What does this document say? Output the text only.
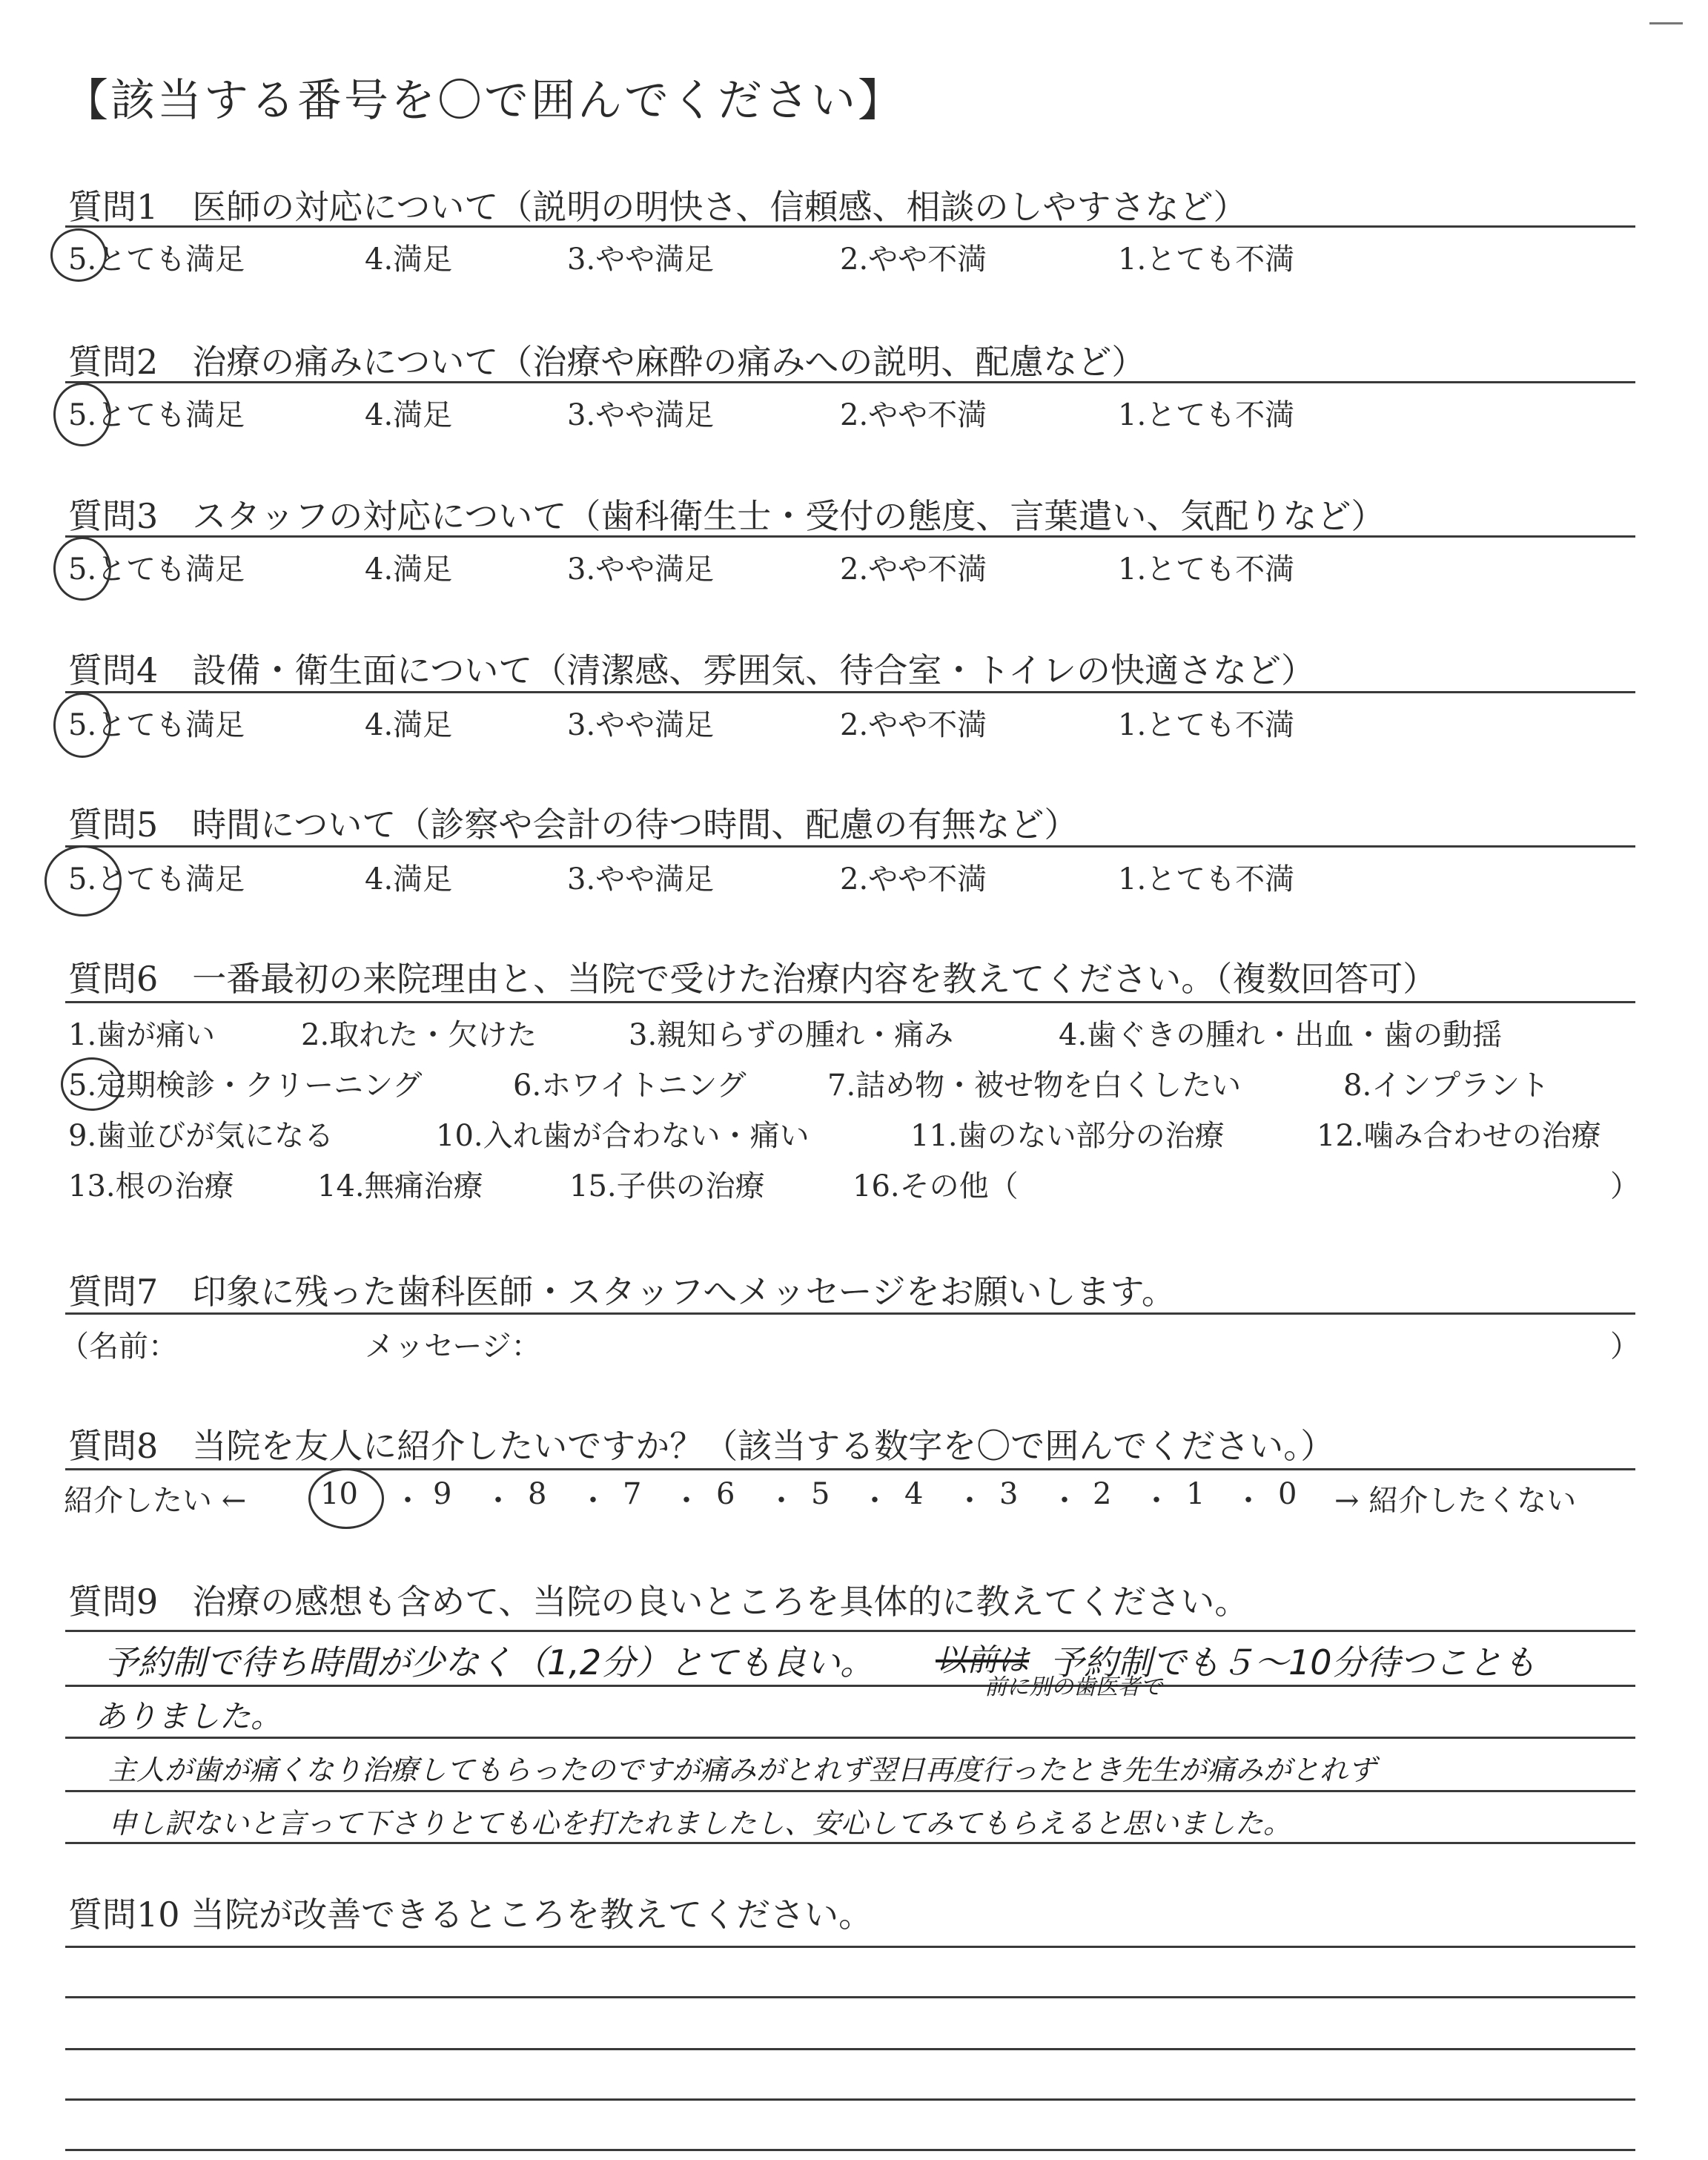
【該当する番号を〇で囲んでください】
質問1　医師の対応について（説明の明快さ、信頼感、相談のしやすさなど）
5.とても満足	4.満足	3.やや満足	2.やや不満	1.とても不満
質問2　治療の痛みについて（治療や麻酔の痛みへの説明、配慮など）
5.とても満足	4.満足	3.やや満足	2.やや不満	1.とても不満
質問3　スタッフの対応について（歯科衛生士・受付の態度、言葉遣い、気配りなど）
5.とても満足	4.満足	3.やや満足	2.やや不満	1.とても不満
質問4　設備・衛生面について（清潔感、雰囲気、待合室・トイレの快適さなど）
5.とても満足	4.満足	3.やや満足	2.やや不満	1.とても不満
質問5　時間について（診察や会計の待つ時間、配慮の有無など）
5.とても満足	4.満足	3.やや満足	2.やや不満	1.とても不満
質問6　一番最初の来院理由と、当院で受けた治療内容を教えてください。（複数回答可）
1.歯が痛い	2.取れた・欠けた	3.親知らずの腫れ・痛み	4.歯ぐきの腫れ・出血・歯の動揺
5.定期検診・クリーニング	6.ホワイトニング	7.詰め物・被せ物を白くしたい	8.インプラント
9.歯並びが気になる	10.入れ歯が合わない・痛い	11.歯のない部分の治療	12.噛み合わせの治療
13.根の治療	14.無痛治療	15.子供の治療	16.その他（	）
質問7　印象に残った歯科医師・スタッフへメッセージをお願いします。
（名前：	メッセージ：	）
質問8　当院を友人に紹介したいですか？（該当する数字を〇で囲んでください。）
紹介したい ← 10 ・ 9 ・ 8 ・ 7 ・ 6 ・ 5 ・ 4 ・ 3 ・ 2 ・ 1 ・ 0 → 紹介したくない
質問9　治療の感想も含めて、当院の良いところを具体的に教えてください。
予約制で待ち時間が少なく（1,2分）とても良い。 以前は 予約制でも５〜10分待つことも
ありました。
前に別の歯医者で
主人が歯が痛くなり治療してもらったのですが痛みがとれず翌日再度行ったとき先生が痛みがとれず
申し訳ないと言って下さりとても心を打たれましたし、安心してみてもらえると思いました。
質問10 当院が改善できるところを教えてください。
